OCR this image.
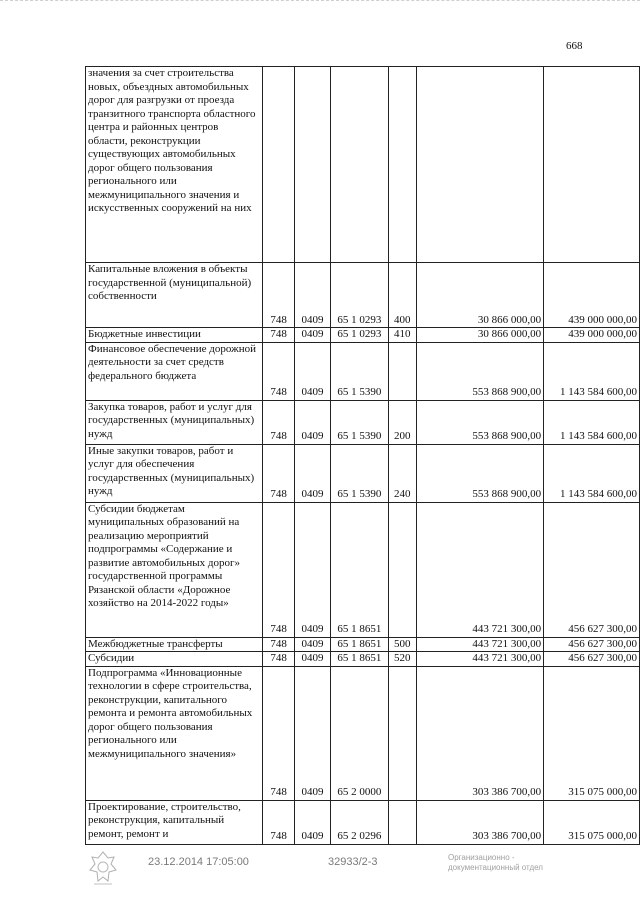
668
значения за счет строительства новых, объездных автомобильных дорог для разгрузки от проезда транзитного транспорта областного центра и районных центров области, реконструкции существующих автомобильных дорог общего пользования регионального или межмуниципального значения и искусственных сооружений на них						
Капитальные вложения в объекты государственной (муниципальной) собственности	748	0409	65 1 0293	400	30 866 000,00	439 000 000,00
Бюджетные инвестиции	748	0409	65 1 0293	410	30 866 000,00	439 000 000,00
Финансовое обеспечение дорожной деятельности за счет средств федерального бюджета	748	0409	65 1 5390		553 868 900,00	1 143 584 600,00
Закупка товаров, работ и услуг для государственных (муниципальных) нужд	748	0409	65 1 5390	200	553 868 900,00	1 143 584 600,00
Иные закупки товаров, работ и услуг для обеспечения государственных (муниципальных) нужд	748	0409	65 1 5390	240	553 868 900,00	1 143 584 600,00
Субсидии бюджетам муниципальных образований на реализацию мероприятий подпрограммы «Содержание и развитие автомобильных дорог» государственной программы Рязанской области «Дорожное хозяйство на 2014-2022 годы»	748	0409	65 1 8651		443 721 300,00	456 627 300,00
Межбюджетные трансферты	748	0409	65 1 8651	500	443 721 300,00	456 627 300,00
Субсидии	748	0409	65 1 8651	520	443 721 300,00	456 627 300,00
Подпрограмма «Инновационные технологии в сфере строительства, реконструкции, капитального ремонта и ремонта автомобильных дорог общего пользования регионального или межмуниципального значения»	748	0409	65 2 0000		303 386 700,00	315 075 000,00
Проектирование, строительство, реконструкция, капитальный ремонт, ремонт и	748	0409	65 2 0296		303 386 700,00	315 075 000,00
23.12.2014 17:05:00	32933/2-3	Организационно -
документационный отдел
